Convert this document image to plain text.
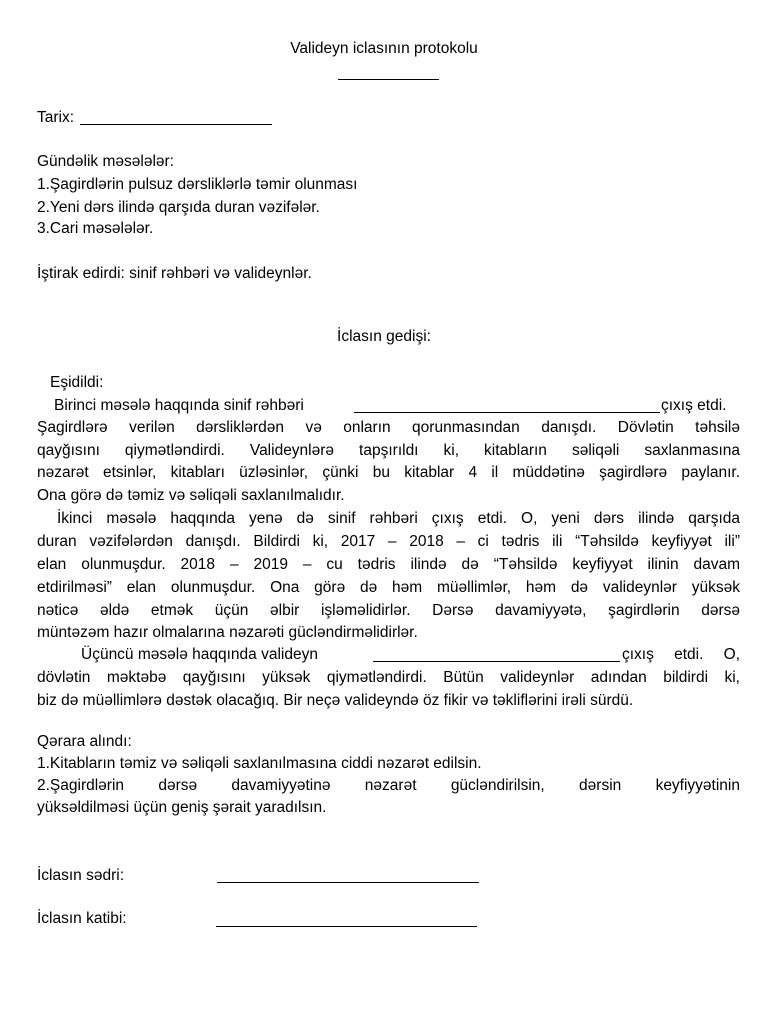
Valideyn iclasının protokolu
Tarix:
Gündəlik məsələlər:
1.Şagirdlərin pulsuz dərsliklərlə təmir olunması
2.Yeni dərs ilində qarşıda duran vəzifələr.
3.Cari məsələlər.
İştirak edirdi: sinif rəhbəri və valideynlər.
İclasın gedişi:
Eşidildi:
Birinci məsələ haqqında sinif rəhbəri	çıxış etdi.
Şagirdlərə verilən dərsliklərdən və onların qorunmasından danışdı. Dövlətin təhsilə
qayğısını qiymətləndirdi. Valideynlərə tapşırıldı ki, kitabların səliqəli saxlanmasına
nəzarət etsinlər, kitabları üzləsinlər, çünki bu kitablar 4 il müddətinə şagirdlərə paylanır.
Ona görə də təmiz və səliqəli saxlanılmalıdır.
İkinci məsələ haqqında yenə də sinif rəhbəri çıxış etdi. O, yeni dərs ilində qarşıda
duran vəzifələrdən danışdı. Bildirdi ki, 2017 – 2018 – ci tədris ili “Təhsildə keyfiyyət ili”
elan olunmuşdur. 2018 – 2019 – cu tədris ilində də “Təhsildə keyfiyyət ilinin davam
etdirilməsi” elan olunmuşdur. Ona görə də həm müəllimlər, həm də valideynlər yüksək
nəticə əldə etmək üçün əlbir işləməlidirlər. Dərsə davamiyyətə, şagirdlərin dərsə
müntəzəm hazır olmalarına nəzarəti gücləndirməlidirlər.
Üçüncü məsələ haqqında valideyn	çıxış etdi. O,
dövlətin məktəbə qayğısını yüksək qiymətləndirdi. Bütün valideynlər adından bildirdi ki,
biz də müəllimlərə dəstək olacağıq. Bir neçə valideyndə öz fikir və təkliflərini irəli sürdü.
Qərara alındı:
1.Kitabların təmiz və səliqəli saxlanılmasına ciddi nəzarət edilsin.
2.Şagirdlərin dərsə davamiyyətinə nəzarət gücləndirilsin, dərsin keyfiyyətinin
yüksəldilməsi üçün geniş şərait yaradılsın.
İclasın sədri:
İclasın katibi:
